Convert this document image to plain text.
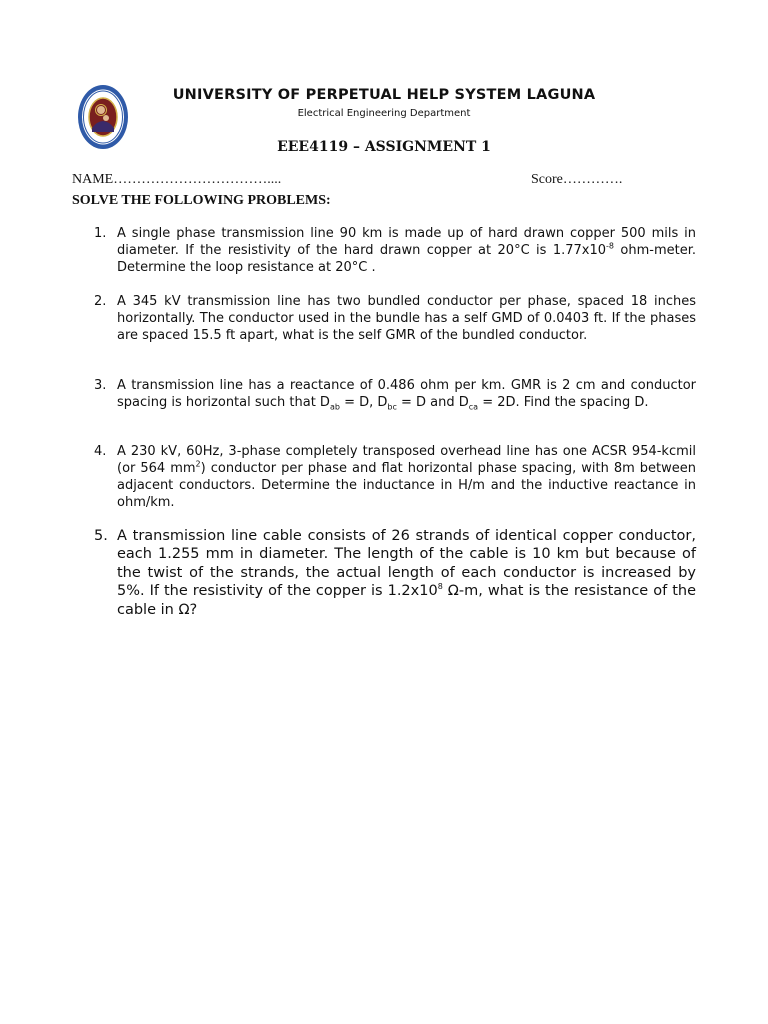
UNIVERSITY OF PERPETUAL HELP SYSTEM LAGUNA
Electrical Engineering Department
EEE4119 – ASSIGNMENT 1
NAME……………………………....	Score………….
SOLVE THE FOLLOWING PROBLEMS:
1. A single phase transmission line 90 km is made up of hard drawn copper 500 mils in diameter. If the resistivity of the hard drawn copper at 20°C is $1.77x10^{-8}$ ohm-meter. Determine the loop resistance at 20°C .
2. A 345 kV transmission line has two bundled conductor per phase, spaced 18 inches horizontally. The conductor used in the bundle has a self GMD of 0.0403 ft. If the phases are spaced 15.5 ft apart, what is the self GMR of the bundled conductor.
3. A transmission line has a reactance of 0.486 ohm per km. GMR is 2 cm and conductor spacing is horizontal such that $D_{ab} = D$, $D_{bc} = D$ and $D_{ca} = 2D$. Find the spacing D.
4. A 230 kV, 60Hz, 3-phase completely transposed overhead line has one ACSR 954-kcmil (or 564 $mm^2$) conductor per phase and flat horizontal phase spacing, with 8m between adjacent conductors. Determine the inductance in H/m and the inductive reactance in ohm/km.
5. A transmission line cable consists of 26 strands of identical copper conductor, each 1.255 mm in diameter. The length of the cable is 10 km but because of the twist of the strands, the actual length of each conductor is increased by 5%. If the resistivity of the copper is $1.2x10^8$ Ω-m, what is the resistance of the cable in Ω?
